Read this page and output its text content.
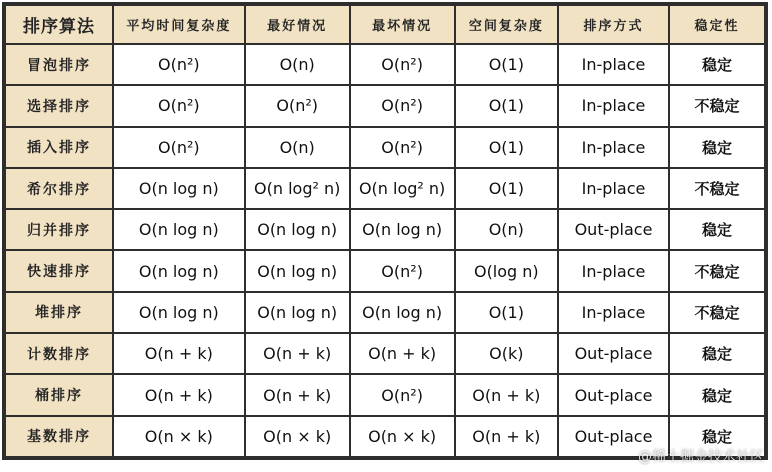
排序算法	平均时间复杂度	最好情况	最坏情况	空间复杂度	排序方式	稳定性
冒泡排序	O(n²)	O(n)	O(n²)	O(1)	In-place	稳定
选择排序	O(n²)	O(n²)	O(n²)	O(1)	In-place	不稳定
插入排序	O(n²)	O(n)	O(n²)	O(1)	In-place	稳定
希尔排序	O(n log n)	O(n log² n)	O(n log² n)	O(1)	In-place	不稳定
归并排序	O(n log n)	O(n log n)	O(n log n)	O(n)	Out-place	稳定
快速排序	O(n log n)	O(n log n)	O(n²)	O(log n)	In-place	不稳定
堆排序	O(n log n)	O(n log n)	O(n log n)	O(1)	In-place	不稳定
计数排序	O(n + k)	O(n + k)	O(n + k)	O(k)	Out-place	稳定
桶排序	O(n + k)	O(n + k)	O(n²)	O(n + k)	Out-place	稳定
基数排序	O(n × k)	O(n × k)	O(n × k)	O(n + k)	Out-place	稳定
@稀土掘金技术社区
